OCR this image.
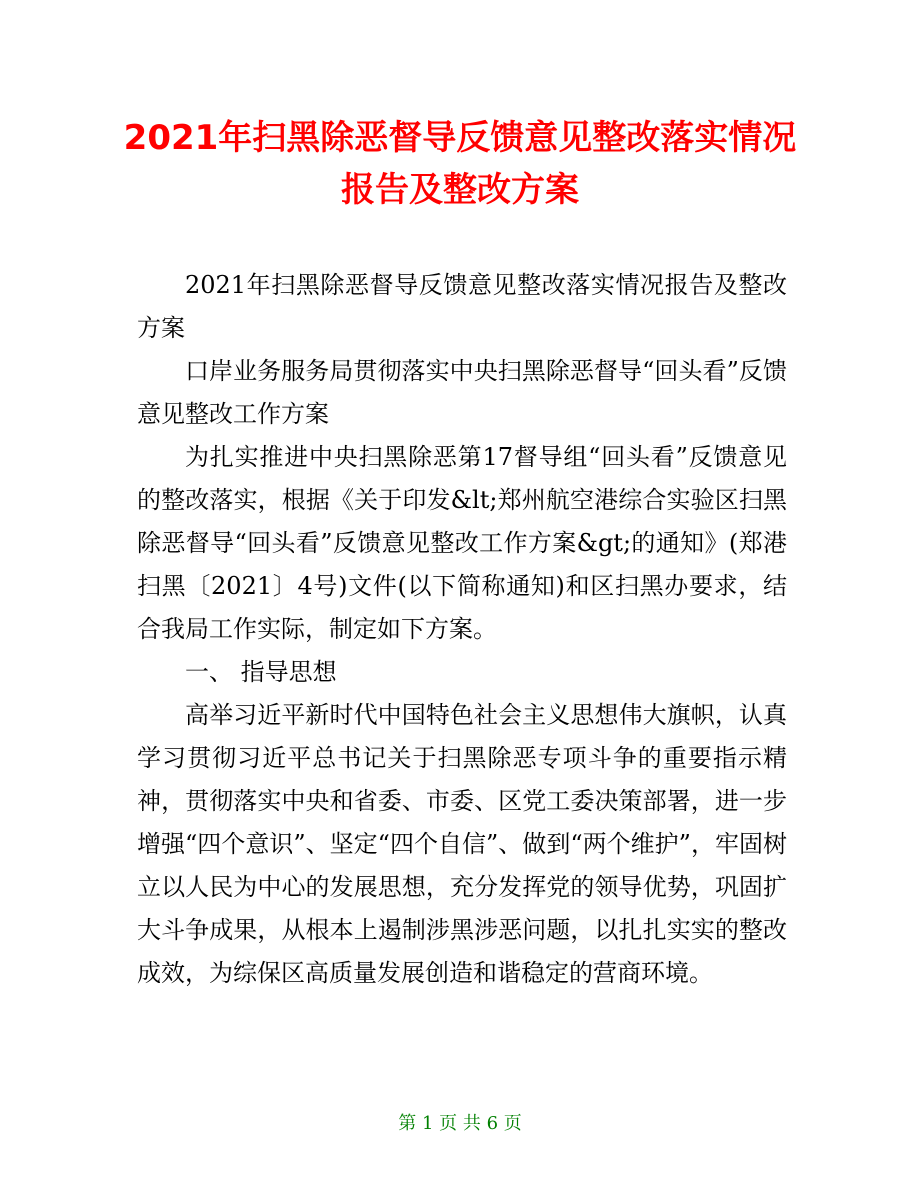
2021年扫黑除恶督导反馈意见整改落实情况报告及整改方案

2021年扫黑除恶督导反馈意见整改落实情况报告及整改方案

口岸业务服务局贯彻落实中央扫黑除恶督导“回头看”反馈意见整改工作方案

为扎实推进中央扫黑除恶第17督导组“回头看”反馈意见的整改落实，根据《关于印发&lt;郑州航空港综合实验区扫黑除恶督导“回头看”反馈意见整改工作方案&gt;的通知》(郑港扫黑〔2021〕4号)文件(以下简称通知)和区扫黑办要求，结合我局工作实际，制定如下方案。

一、 指导思想

高举习近平新时代中国特色社会主义思想伟大旗帜，认真学习贯彻习近平总书记关于扫黑除恶专项斗争的重要指示精神，贯彻落实中央和省委、市委、区党工委决策部署，进一步增强“四个意识”、坚定“四个自信”、做到“两个维护”，牢固树立以人民为中心的发展思想，充分发挥党的领导优势，巩固扩大斗争成果，从根本上遏制涉黑涉恶问题，以扎扎实实的整改成效，为综保区高质量发展创造和谐稳定的营商环境。

第 1 页 共 6 页
